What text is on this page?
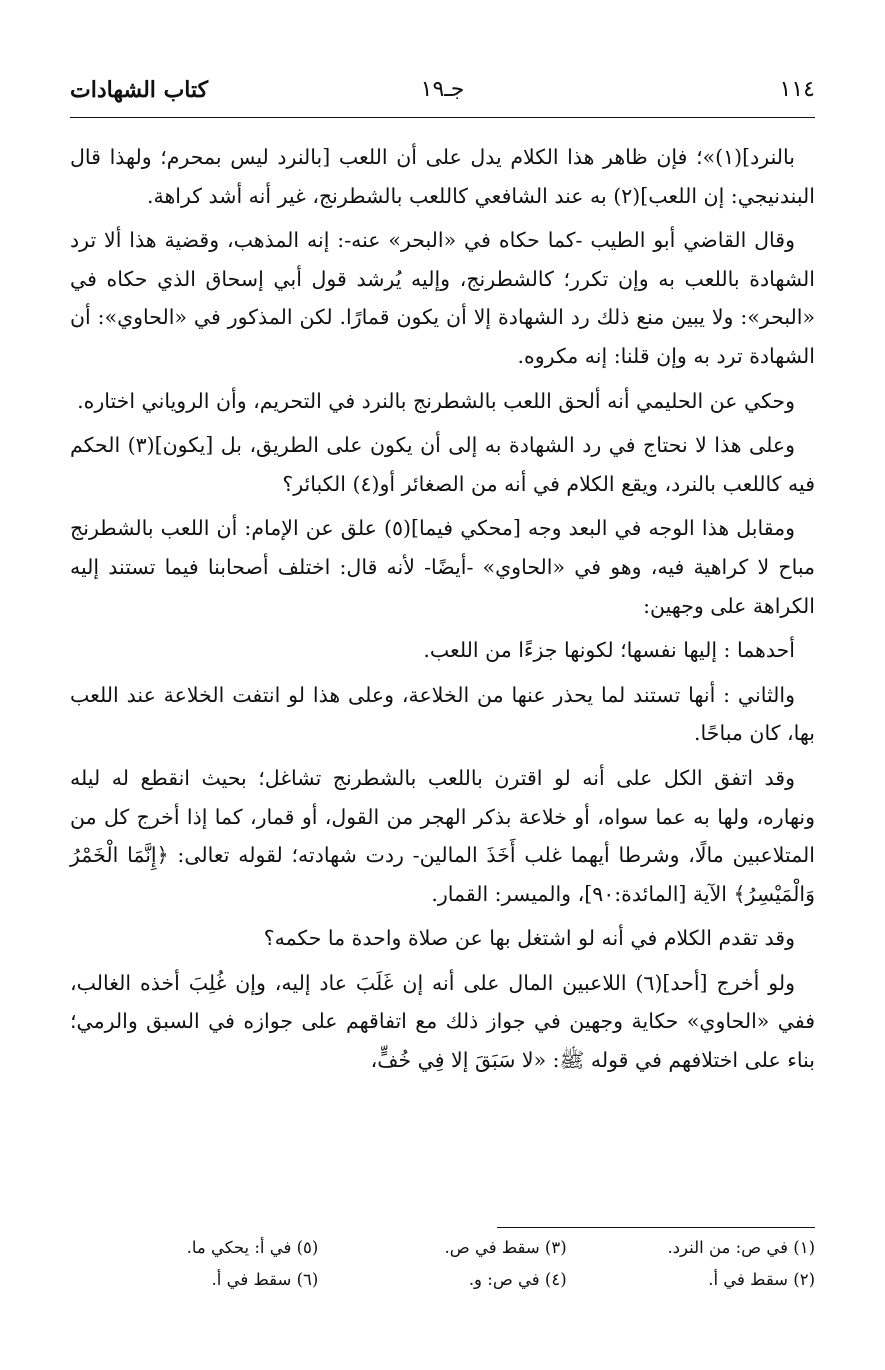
١١٤
جـ١٩
كتاب الشهادات

بالنرد](١)»؛ فإن ظاهر هذا الكلام يدل على أن اللعب [بالنرد ليس بمحرم؛ ولهذا قال البندنيجي: إن اللعب](٢) به عند الشافعي كاللعب بالشطرنج، غير أنه أشد كراهة.

وقال القاضي أبو الطيب -كما حكاه في «البحر» عنه-: إنه المذهب، وقضية هذا ألا ترد الشهادة باللعب به وإن تكرر؛ كالشطرنج، وإليه يُرشد قول أبي إسحاق الذي حكاه في «البحر»: ولا يبين منع ذلك رد الشهادة إلا أن يكون قمارًا. لكن المذكور في «الحاوي»: أن الشهادة ترد به وإن قلنا: إنه مكروه.

وحكي عن الحليمي أنه ألحق اللعب بالشطرنج بالنرد في التحريم، وأن الروياني اختاره.

وعلى هذا لا نحتاج في رد الشهادة به إلى أن يكون على الطريق، بل [يكون](٣) الحكم فيه كاللعب بالنرد، ويقع الكلام في أنه من الصغائر أو(٤) الكبائر؟

ومقابل هذا الوجه في البعد وجه [محكي فيما](٥) علق عن الإمام: أن اللعب بالشطرنج مباح لا كراهية فيه، وهو في «الحاوي» -أيضًا- لأنه قال: اختلف أصحابنا فيما تستند إليه الكراهة على وجهين:

أحدهما : إليها نفسها؛ لكونها جزءًا من اللعب.

والثاني : أنها تستند لما يحذر عنها من الخلاعة، وعلى هذا لو انتفت الخلاعة عند اللعب بها، كان مباحًا.

وقد اتفق الكل على أنه لو اقترن باللعب بالشطرنج تشاغل؛ بحيث انقطع له ليله ونهاره، ولها به عما سواه، أو خلاعة بذكر الهجر من القول، أو قمار، كما إذا أخرج كل من المتلاعبين مالًا، وشرطا أيهما غلب أَخَذَ المالين- ردت شهادته؛ لقوله تعالى: ﴿إِنَّمَا الْخَمْرُ وَالْمَيْسِرُ﴾ الآية [المائدة:٩٠]، والميسر: القمار.

وقد تقدم الكلام في أنه لو اشتغل بها عن صلاة واحدة ما حكمه؟

ولو أخرج [أحد](٦) اللاعبين المال على أنه إن غَلَبَ عاد إليه، وإن غُلِبَ أخذه الغالب، ففي «الحاوي» حكاية وجهين في جواز ذلك مع اتفاقهم على جوازه في السبق والرمي؛ بناء على اختلافهم في قوله ﷺ: «لا سَبَقَ إلا فِي خُفٍّ،

(١) في ص: من النرد.
(٣) سقط في ص.
(٥) في أ: يحكي ما.
(٢) سقط في أ.
(٤) في ص: و.
(٦) سقط في أ.
